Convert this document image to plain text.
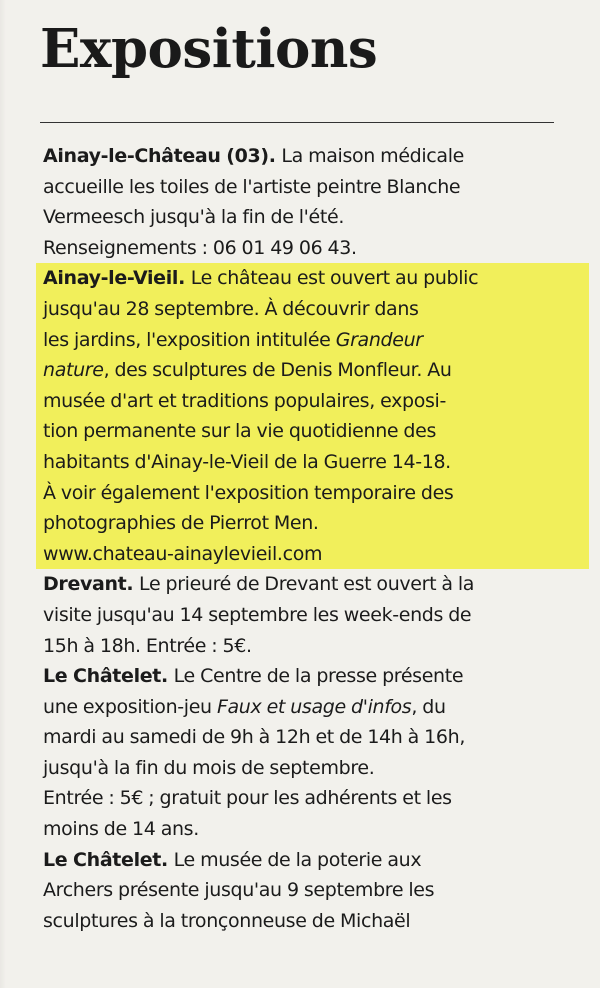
Expositions
Ainay-le-Château (03). La maison médicale
accueille les toiles de l'artiste peintre Blanche
Vermeesch jusqu'à la fin de l'été.
Renseignements : 06 01 49 06 43.
Ainay-le-Vieil. Le château est ouvert au public
jusqu'au 28 septembre. À découvrir dans
les jardins, l'exposition intitulée Grandeur
nature, des sculptures de Denis Monfleur. Au
musée d'art et traditions populaires, exposi-
tion permanente sur la vie quotidienne des
habitants d'Ainay-le-Vieil de la Guerre 14-18.
À voir également l'exposition temporaire des
photographies de Pierrot Men.
www.chateau-ainaylevieil.com
Drevant. Le prieuré de Drevant est ouvert à la
visite jusqu'au 14 septembre les week-ends de
15h à 18h. Entrée : 5€.
Le Châtelet. Le Centre de la presse présente
une exposition-jeu Faux et usage d'infos, du
mardi au samedi de 9h à 12h et de 14h à 16h,
jusqu'à la fin du mois de septembre.
Entrée : 5€ ; gratuit pour les adhérents et les
moins de 14 ans.
Le Châtelet. Le musée de la poterie aux
Archers présente jusqu'au 9 septembre les
sculptures à la tronçonneuse de Michaël
